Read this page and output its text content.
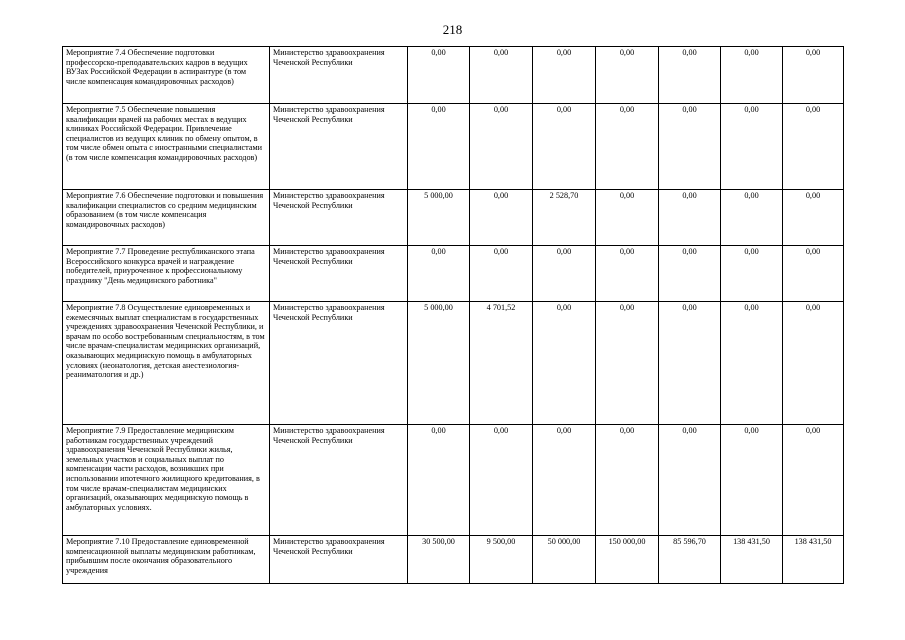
218
Мероприятие 7.4 Обеспечение подготовки профессорско-преподавательских кадров в ведущих ВУЗах Российской Федерации в аспирантуре (в том числе компенсация командировочных расходов)	Министерство здравоохранения Чеченской Республики	0,00	0,00	0,00	0,00	0,00	0,00	0,00
Мероприятие 7.5 Обеспечение повышения квалификации врачей на рабочих местах в ведущих клиниках Российской Федерации. Привлечение специалистов из ведущих клиник по обмену опытом, в том числе обмен опыта с иностранными специалистами (в том числе компенсация командировочных расходов)	Министерство здравоохранения Чеченской Республики	0,00	0,00	0,00	0,00	0,00	0,00	0,00
Мероприятие 7.6 Обеспечение подготовки и повышения квалификации специалистов со средним медицинским образованием (в том числе компенсация командировочных расходов)	Министерство здравоохранения Чеченской Республики	5 000,00	0,00	2 528,70	0,00	0,00	0,00	0,00
Мероприятие 7.7 Проведение республиканского этапа Всероссийского конкурса врачей и награждение победителей, приуроченное к профессиональному празднику "День медицинского работника"	Министерство здравоохранения Чеченской Республики	0,00	0,00	0,00	0,00	0,00	0,00	0,00
Мероприятие 7.8 Осуществление единовременных и ежемесячных выплат специалистам в государственных учреждениях здравоохранения Чеченской Республики, и врачам по особо востребованным специальностям, в том числе врачам-специалистам медицинских организаций, оказывающих медицинскую помощь в амбулаторных условиях (неонатология, детская анестезиология-реаниматология и др.)	Министерство здравоохранения Чеченской Республики	5 000,00	4 701,52	0,00	0,00	0,00	0,00	0,00
Мероприятие 7.9 Предоставление медицинским работникам государственных учреждений здравоохранения Чеченской Республики жилья, земельных участков и социальных выплат по компенсации части расходов, возникших при использовании ипотечного жилищного кредитования, в том числе врачам-специалистам медицинских организаций, оказывающих медицинскую помощь в амбулаторных условиях.	Министерство здравоохранения Чеченской Республики	0,00	0,00	0,00	0,00	0,00	0,00	0,00
Мероприятие 7.10 Предоставление единовременной компенсационной выплаты медицинским работникам, прибывшим после окончания образовательного учреждения	Министерство здравоохранения Чеченской Республики	30 500,00	9 500,00	50 000,00	150 000,00	85 596,70	138 431,50	138 431,50
